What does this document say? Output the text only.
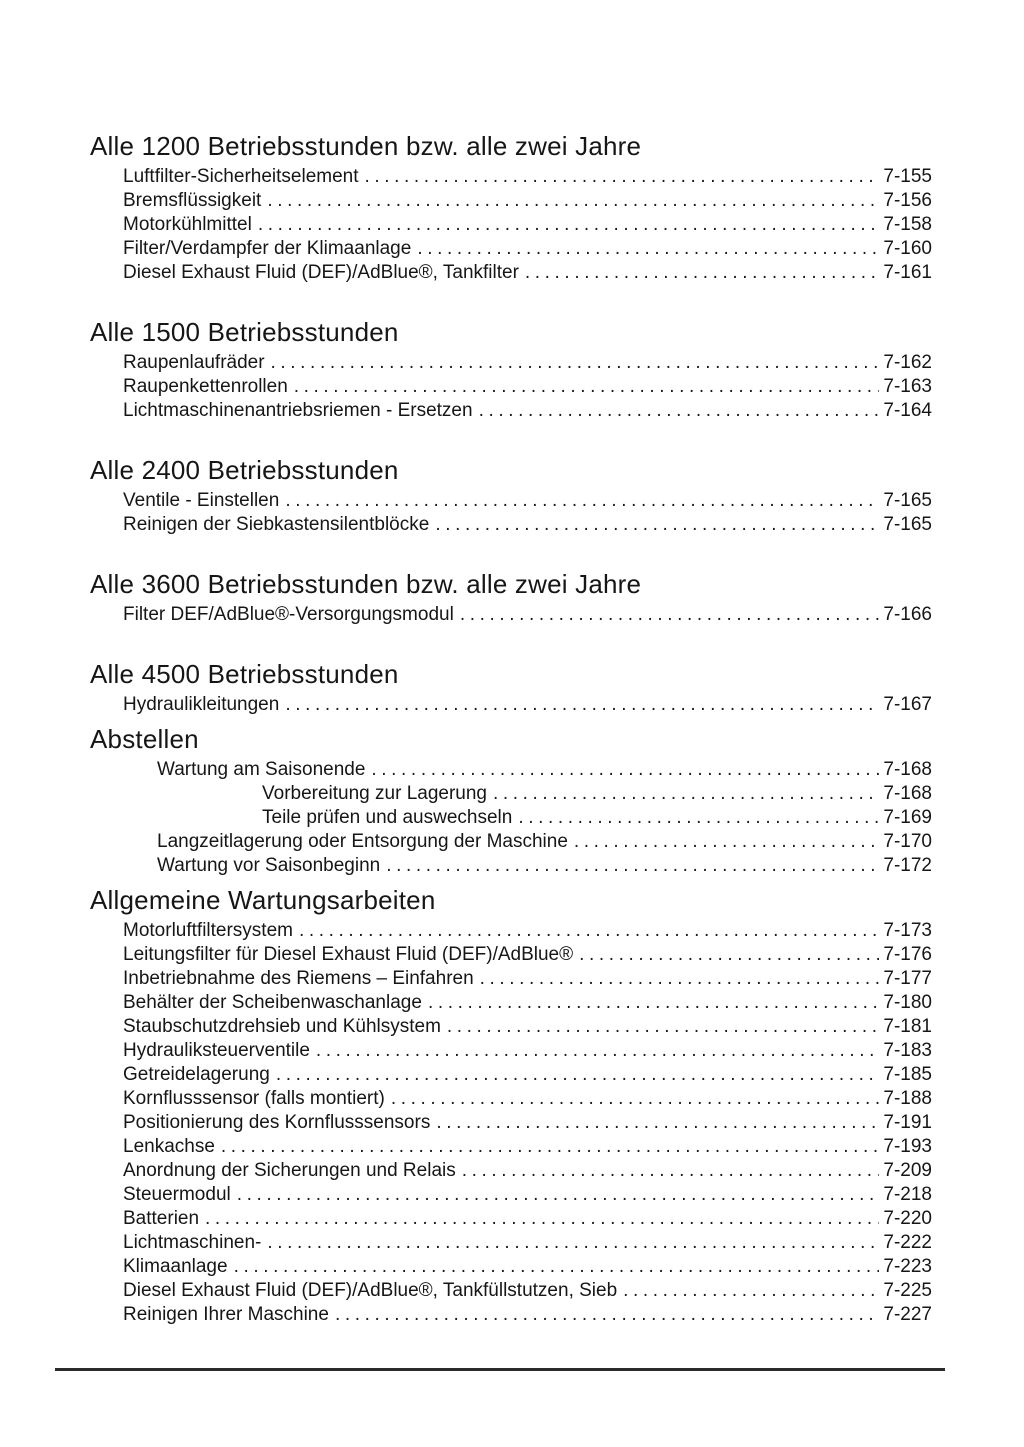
Alle 1200 Betriebsstunden bzw. alle zwei Jahre
Luftfilter-Sicherheitselement .....	7-155
Bremsflüssigkeit .....	7-156
Motorkühlmittel .....	7-158
Filter/Verdampfer der Klimaanlage .....	7-160
Diesel Exhaust Fluid (DEF)/AdBlue®, Tankfilter .....	7-161
Alle 1500 Betriebsstunden
Raupenlaufräder .....	7-162
Raupenkettenrollen .....	7-163
Lichtmaschinenantriebsriemen - Ersetzen .....	7-164
Alle 2400 Betriebsstunden
Ventile - Einstellen .....	7-165
Reinigen der Siebkastensilentblöcke .....	7-165
Alle 3600 Betriebsstunden bzw. alle zwei Jahre
Filter DEF/AdBlue®-Versorgungsmodul .....	7-166
Alle 4500 Betriebsstunden
Hydraulikleitungen .....	7-167
Abstellen
Wartung am Saisonende .....	7-168
Vorbereitung zur Lagerung .....	7-168
Teile prüfen und auswechseln .....	7-169
Langzeitlagerung oder Entsorgung der Maschine .....	7-170
Wartung vor Saisonbeginn .....	7-172
Allgemeine Wartungsarbeiten
Motorluftfiltersystem .....	7-173
Leitungsfilter für Diesel Exhaust Fluid (DEF)/AdBlue® .....	7-176
Inbetriebnahme des Riemens – Einfahren .....	7-177
Behälter der Scheibenwaschanlage .....	7-180
Staubschutzdrehsieb und Kühlsystem .....	7-181
Hydrauliksteuerventile .....	7-183
Getreidelagerung .....	7-185
Kornflusssensor (falls montiert) .....	7-188
Positionierung des Kornflusssensors .....	7-191
Lenkachse .....	7-193
Anordnung der Sicherungen und Relais .....	7-209
Steuermodul .....	7-218
Batterien .....	7-220
Lichtmaschinen- .....	7-222
Klimaanlage .....	7-223
Diesel Exhaust Fluid (DEF)/AdBlue®, Tankfüllstutzen, Sieb .....	7-225
Reinigen Ihrer Maschine .....	7-227
